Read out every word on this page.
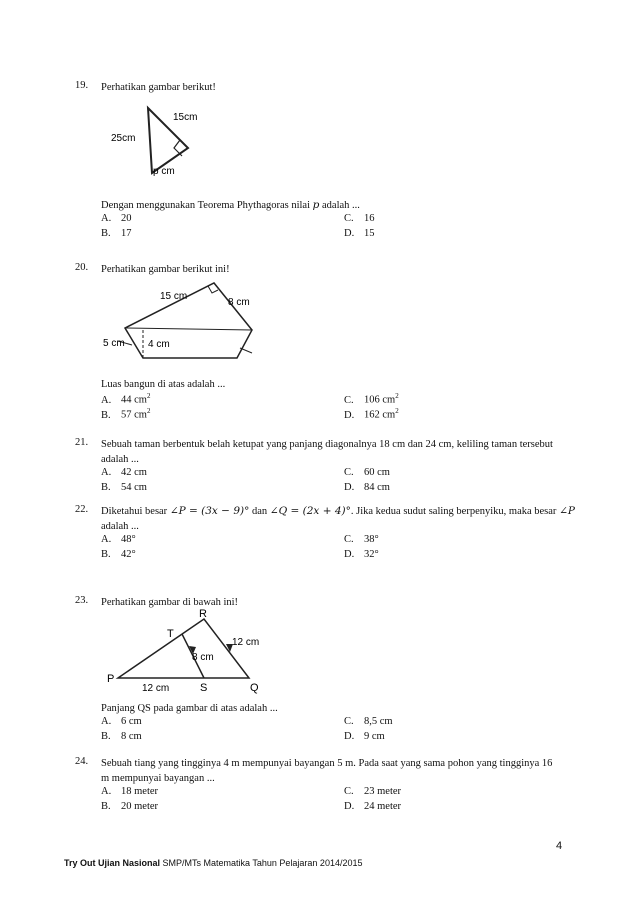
19. Perhatikan gambar berikut!
25cm
15cm
p cm
Dengan menggunakan Teorema Phythagoras nilai p adalah ...
A. 20	C. 16
B. 17	D. 15
20. Perhatikan gambar berikut ini!
15 cm
8 cm
5 cm 4 cm
Luas bangun di atas adalah ...
A. 44 $cm^2$	C. 106 $cm^2$
B. 57 $cm^2$	D. 162 $cm^2$
21. Sebuah taman berbentuk belah ketupat yang panjang diagonalnya 18 cm dan 24 cm, keliling taman tersebut adalah ...
A. 42 cm	C. 60 cm
B. 54 cm	D. 84 cm
22. Diketahui besar ∠P = (3x − 9)° dan ∠Q = (2x + 4)°. Jika kedua sudut saling berpenyiku, maka besar ∠P
adalah ...
A. 48°	C. 38°
B. 42°	D. 32°
23. Perhatikan gambar di bawah ini!
R
T
P
S	Q
12 cm
8 cm
12 cm
Panjang QS pada gambar di atas adalah ...
A. 6 cm	C. 8,5 cm
B. 8 cm	D. 9 cm
24. Sebuah tiang yang tingginya 4 m mempunyai bayangan 5 m. Pada saat yang sama pohon yang tingginya 16 m mempunyai bayangan ...
A. 18 meter	C. 23 meter
B. 20 meter	D. 24 meter
4
Try Out Ujian Nasional SMP/MTs Matematika Tahun Pelajaran 2014/2015
